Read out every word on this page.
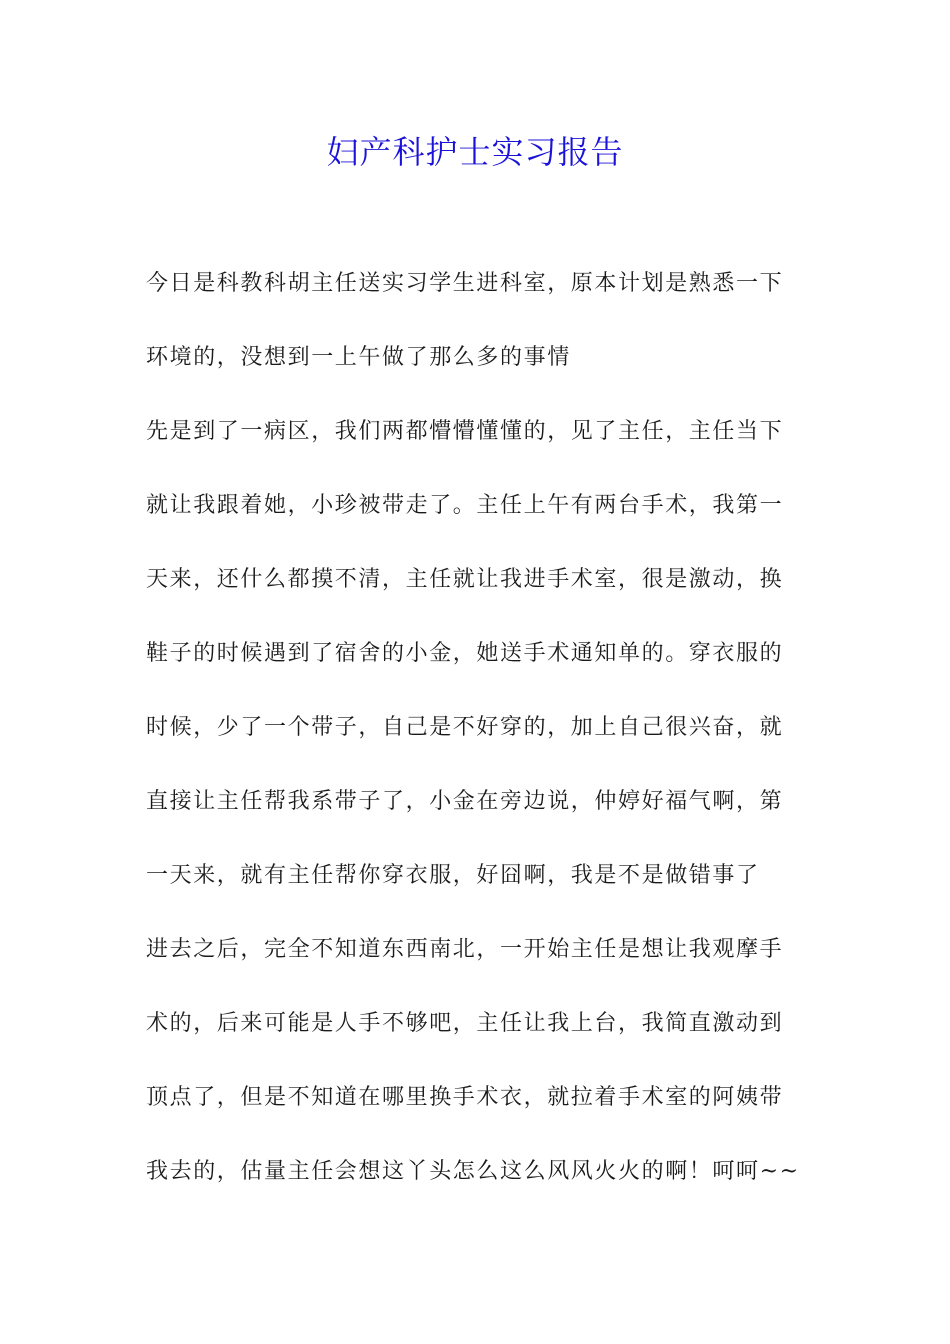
妇产科护士实习报告
今日是科教科胡主任送实习学生进科室，原本计划是熟悉一下
环境的，没想到一上午做了那么多的事情
先是到了一病区，我们两都懵懵懂懂的，见了主任，主任当下
就让我跟着她，小珍被带走了。主任上午有两台手术，我第一
天来，还什么都摸不清，主任就让我进手术室，很是激动，换
鞋子的时候遇到了宿舍的小金，她送手术通知单的。穿衣服的
时候，少了一个带子，自己是不好穿的，加上自己很兴奋，就
直接让主任帮我系带子了，小金在旁边说，仲婷好福气啊，第
一天来，就有主任帮你穿衣服，好囧啊，我是不是做错事了
进去之后，完全不知道东西南北，一开始主任是想让我观摩手
术的，后来可能是人手不够吧，主任让我上台，我简直激动到
顶点了，但是不知道在哪里换手术衣，就拉着手术室的阿姨带
我去的，估量主任会想这丫头怎么这么风风火火的啊！呵呵~~
